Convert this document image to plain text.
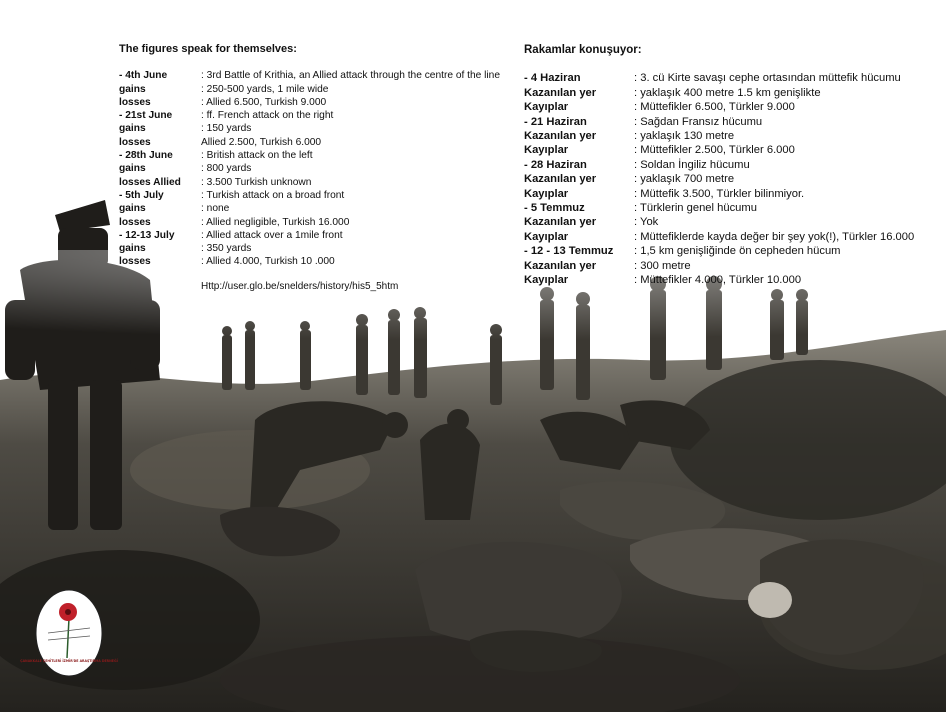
The figures speak for themselves:
- 4th June	: 3rd Battle of Krithia, an Allied attack through the centre of the line
gains	: 250-500 yards, 1 mile wide
losses	: Allied 6.500, Turkish 9.000
- 21st June	: ff. French attack on the right
gains	: 150 yards
losses	Allied 2.500, Turkish 6.000
- 28th June	: British attack on the left
gains	: 800 yards
losses Allied	: 3.500 Turkish unknown
- 5th July	: Turkish attack on a broad front
gains	: none
losses	: Allied negligible, Turkish 16.000
- 12-13 July	: Allied attack over a 1mile front
gains	: 350 yards
losses	: Allied 4.000, Turkish 10 .000
Http://user.glo.be/snelders/history/his5_5htm
Rakamlar konuşuyor:
- 4 Haziran	: 3. cü Kirte savaşı cephe ortasından müttefik hücumu
Kazanılan yer	: yaklaşık 400 metre 1.5 km genişlikte
Kayıplar	: Müttefikler 6.500, Türkler 9.000
- 21 Haziran	: Sağdan Fransız hücumu
Kazanılan yer	: yaklaşık 130 metre
Kayıplar	: Müttefikler 2.500, Türkler 6.000
- 28 Haziran	: Soldan İngiliz hücumu
Kazanılan yer	: yaklaşık 700 metre
Kayıplar	: Müttefik 3.500, Türkler bilinmiyor.
- 5 Temmuz	: Türklerin genel hücumu
Kazanılan yer	: Yok
Kayıplar	: Müttefiklerde kayda değer bir şey yok(!), Türkler 16.000
- 12 - 13 Temmuz	: 1,5 km genişliğinde ön cepheden hücum
Kazanılan yer	: 300 metre
Kayıplar	: Müttefikler 4.000, Türkler 10.000
ÇANAKKALE ŞEHİTLERİ İZMİR'DE ARAŞTIRMA DERNEĞİ
